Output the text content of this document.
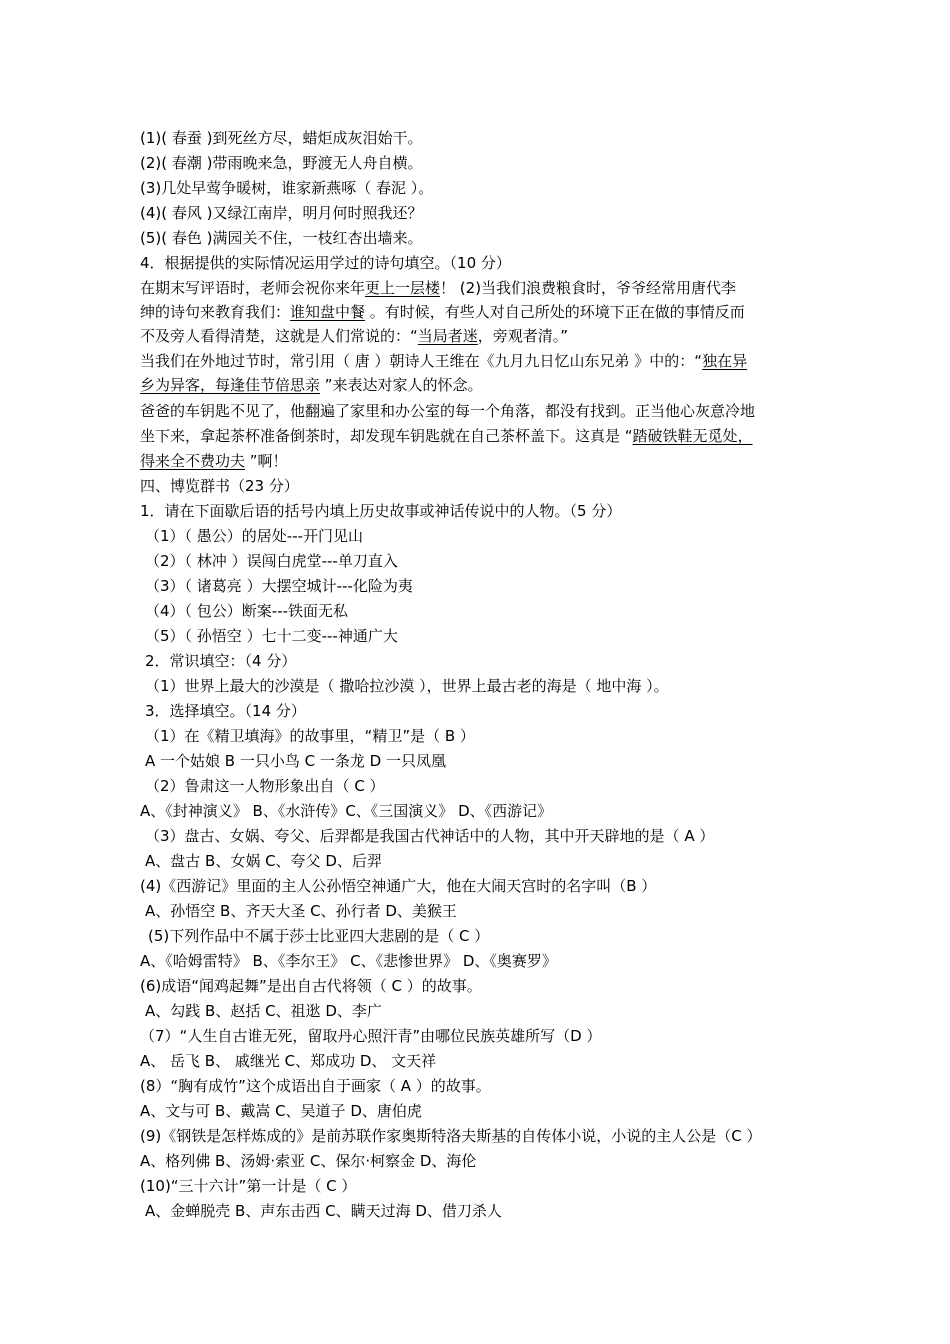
(1)( 春蚕 )到死丝方尽，蜡炬成灰泪始干。
(2)( 春潮 )带雨晚来急，野渡无人舟自横。
(3)几处早莺争暖树，谁家新燕啄（ 春泥 ）。
(4)( 春风 )又绿江南岸，明月何时照我还？
(5)( 春色 )满园关不住，一枝红杏出墙来。
4．根据提供的实际情况运用学过的诗句填空。（10 分）
在期末写评语时，老师会祝你来年更上一层楼！ (2)当我们浪费粮食时，爷爷经常用唐代李
绅的诗句来教育我们：谁知盘中餐 。有时候，有些人对自己所处的环境下正在做的事情反而
不及旁人看得清楚，这就是人们常说的：“当局者迷，旁观者清。”
当我们在外地过节时，常引用（ 唐 ）朝诗人王维在《九月九日忆山东兄弟 》中的：“独在异
乡为异客，每逢佳节倍思亲 ”来表达对家人的怀念。
爸爸的车钥匙不见了，他翻遍了家里和办公室的每一个角落，都没有找到。正当他心灰意冷地
坐下来，拿起茶杯准备倒茶时，却发现车钥匙就在自己茶杯盖下。这真是 “踏破铁鞋无觅处，
得来全不费功夫 ”啊！
四、博览群书（23 分）
1．请在下面歇后语的括号内填上历史故事或神话传说中的人物。（5 分）
（1）（ 愚公）的居处---开门见山
（2）（ 林冲 ）误闯白虎堂---单刀直入
（3）（ 诸葛亮 ）大摆空城计---化险为夷
（4）（ 包公）断案---铁面无私
（5）（ 孙悟空 ）七十二变---神通广大
2．常识填空：（4 分）
（1）世界上最大的沙漠是（ 撒哈拉沙漠 ），世界上最古老的海是（ 地中海 ）。
3．选择填空。（14 分）
（1）在《精卫填海》的故事里，“精卫”是（ B ）
A 一个姑娘 B 一只小鸟 C 一条龙 D 一只凤凰
（2）鲁肃这一人物形象出自（ C ）
A、《封神演义》 B、《水浒传》C、《三国演义》 D、《西游记》
（3）盘古、女娲、夸父、后羿都是我国古代神话中的人物，其中开天辟地的是（ A ）
A、盘古 B、女娲 C、夸父 D、后羿
(4)《西游记》里面的主人公孙悟空神通广大，他在大闹天宫时的名字叫（B ）
A、孙悟空 B、齐天大圣 C、孙行者 D、美猴王
(5)下列作品中不属于莎士比亚四大悲剧的是（ C ）
A、《哈姆雷特》 B、《李尔王》 C、《悲惨世界》 D、《奥赛罗》
(6)成语“闻鸡起舞”是出自古代将领（ C ）的故事。
A、勾践 B、赵括 C、祖逖 D、李广
（7）“人生自古谁无死，留取丹心照汗青”由哪位民族英雄所写（D ）
A、 岳飞 B、 戚继光 C、郑成功 D、 文天祥
(8）“胸有成竹”这个成语出自于画家（ A ）的故事。
A、文与可 B、戴嵩 C、吴道子 D、唐伯虎
(9)《钢铁是怎样炼成的》是前苏联作家奥斯特洛夫斯基的自传体小说，小说的主人公是（C ）
A、格列佛 B、汤姆·索亚 C、保尔·柯察金 D、海伦
(10)“三十六计”第一计是（ C ）
A、金蝉脱壳 B、声东击西 C、瞒天过海 D、借刀杀人
